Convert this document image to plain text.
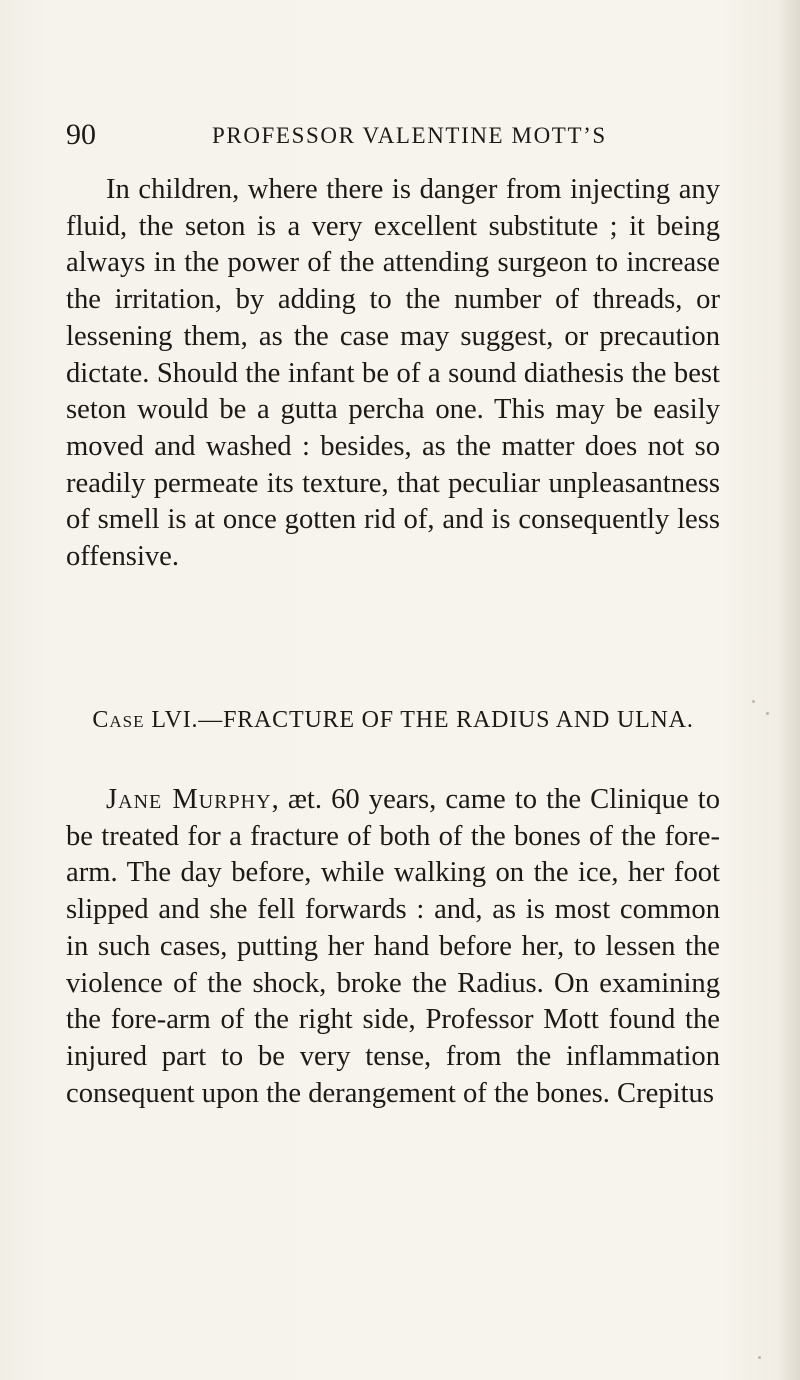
90	PROFESSOR VALENTINE MOTT’S

In children, where there is danger from injecting any fluid, the seton is a very excellent substitute ; it being always in the power of the attending surgeon to increase the irritation, by adding to the number of threads, or lessening them, as the case may suggest, or precaution dictate. Should the infant be of a sound diathesis the best seton would be a gutta percha one. This may be easily moved and washed : besides, as the matter does not so readily permeate its texture, that peculiar unpleasantness of smell is at once gotten rid of, and is consequently less offensive.

Case LVI.—FRACTURE OF THE RADIUS AND ULNA.

Jane Murphy, æt. 60 years, came to the Clinique to be treated for a fracture of both of the bones of the fore-arm. The day before, while walking on the ice, her foot slipped and she fell forwards : and, as is most common in such cases, putting her hand before her, to lessen the violence of the shock, broke the Radius. On examining the fore-arm of the right side, Professor Mott found the injured part to be very tense, from the inflammation consequent upon the derangement of the bones. Crepitus
